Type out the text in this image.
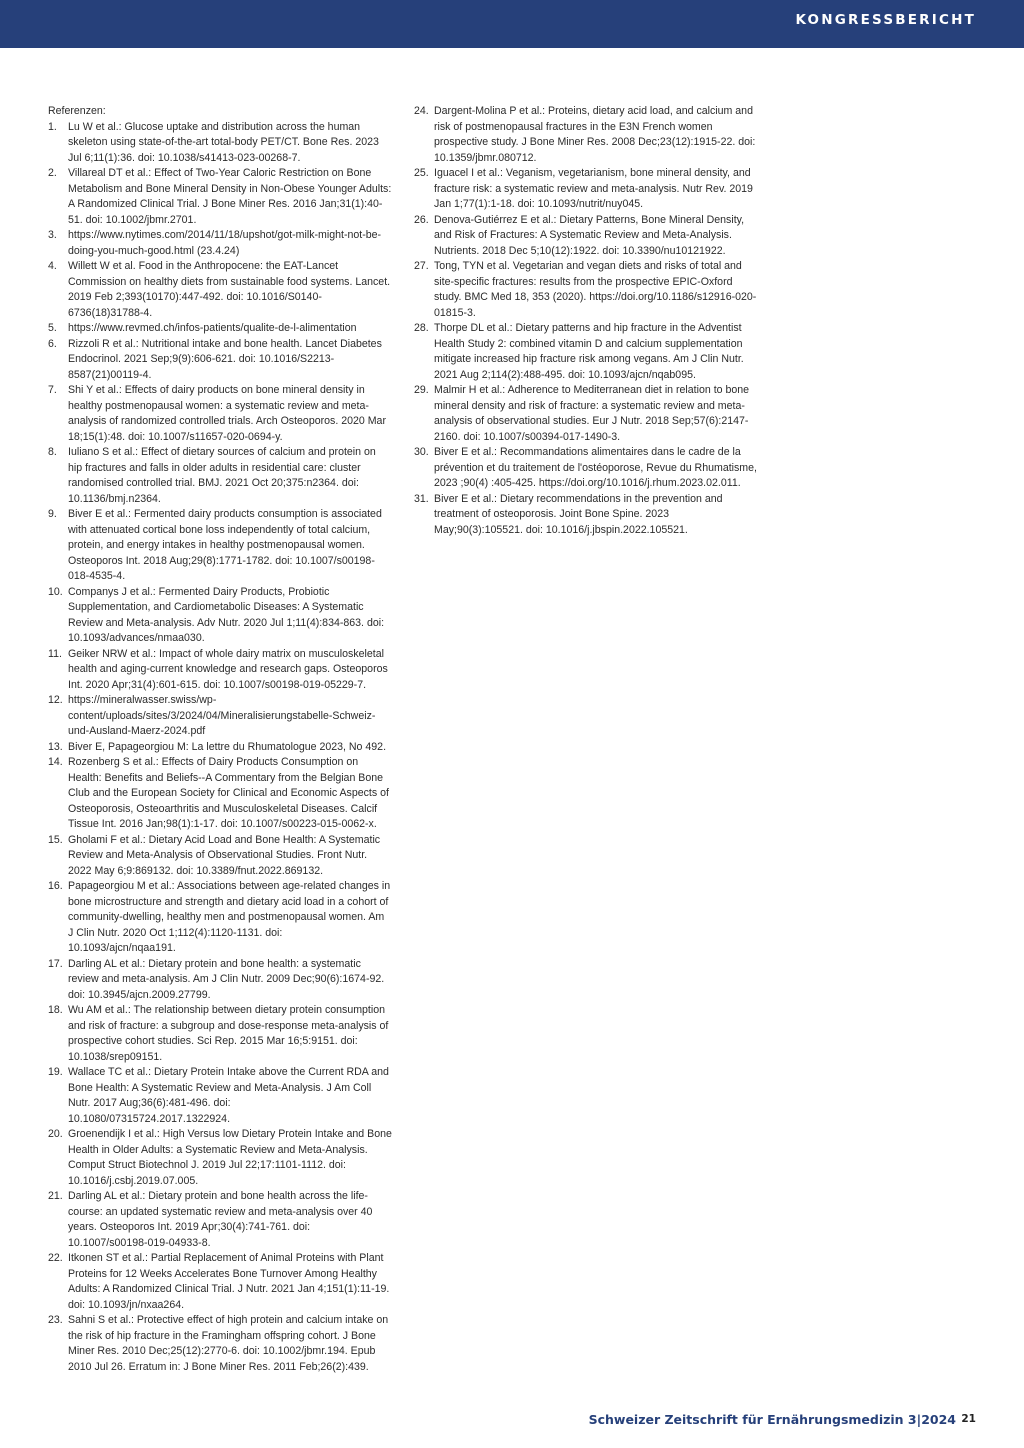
KONGRESSBERICHT
Referenzen:
1. Lu W et al.: Glucose uptake and distribution across the human skeleton using state-of-the-art total-body PET/CT. Bone Res. 2023 Jul 6;11(1):36. doi: 10.1038/s41413-023-00268-7.
2. Villareal DT et al.: Effect of Two-Year Caloric Restriction on Bone Metabolism and Bone Mineral Density in Non-Obese Younger Adults: A Randomized Clinical Trial. J Bone Miner Res. 2016 Jan;31(1):40-51. doi: 10.1002/jbmr.2701.
3. https://www.nytimes.com/2014/11/18/upshot/got-milk-might-not-be-doing-you-much-good.html (23.4.24)
4. Willett W et al. Food in the Anthropocene: the EAT-Lancet Commission on healthy diets from sustainable food systems. Lancet. 2019 Feb 2;393(10170):447-492. doi: 10.1016/S0140-6736(18)31788-4.
5. https://www.revmed.ch/infos-patients/qualite-de-l-alimentation
6. Rizzoli R et al.: Nutritional intake and bone health. Lancet Diabetes Endocrinol. 2021 Sep;9(9):606-621. doi: 10.1016/S2213-8587(21)00119-4.
7. Shi Y et al.: Effects of dairy products on bone mineral density in healthy postmenopausal women: a systematic review and meta-analysis of randomized controlled trials. Arch Osteoporos. 2020 Mar 18;15(1):48. doi: 10.1007/s11657-020-0694-y.
8. Iuliano S et al.: Effect of dietary sources of calcium and protein on hip fractures and falls in older adults in residential care: cluster randomised controlled trial. BMJ. 2021 Oct 20;375:n2364. doi: 10.1136/bmj.n2364.
9. Biver E et al.: Fermented dairy products consumption is associated with attenuated cortical bone loss independently of total calcium, protein, and energy intakes in healthy postmenopausal women. Osteoporos Int. 2018 Aug;29(8):1771-1782. doi: 10.1007/s00198-018-4535-4.
10. Companys J et al.: Fermented Dairy Products, Probiotic Supplementation, and Cardiometabolic Diseases: A Systematic Review and Meta-analysis. Adv Nutr. 2020 Jul 1;11(4):834-863. doi: 10.1093/advances/nmaa030.
11. Geiker NRW et al.: Impact of whole dairy matrix on musculoskeletal health and aging-current knowledge and research gaps. Osteoporos Int. 2020 Apr;31(4):601-615. doi: 10.1007/s00198-019-05229-7.
12. https://mineralwasser.swiss/wp-content/uploads/sites/3/2024/04/Mineralisierungstabelle-Schweiz-und-Ausland-Maerz-2024.pdf
13. Biver E, Papageorgiou M: La lettre du Rhumatologue 2023, No 492.
14. Rozenberg S et al.: Effects of Dairy Products Consumption on Health: Benefits and Beliefs--A Commentary from the Belgian Bone Club and the European Society for Clinical and Economic Aspects of Osteoporosis, Osteoarthritis and Musculoskeletal Diseases. Calcif Tissue Int. 2016 Jan;98(1):1-17. doi: 10.1007/s00223-015-0062-x.
15. Gholami F et al.: Dietary Acid Load and Bone Health: A Systematic Review and Meta-Analysis of Observational Studies. Front Nutr. 2022 May 6;9:869132. doi: 10.3389/fnut.2022.869132.
16. Papageorgiou M et al.: Associations between age-related changes in bone microstructure and strength and dietary acid load in a cohort of community-dwelling, healthy men and postmenopausal women. Am J Clin Nutr. 2020 Oct 1;112(4):1120-1131. doi: 10.1093/ajcn/nqaa191.
17. Darling AL et al.: Dietary protein and bone health: a systematic review and meta-analysis. Am J Clin Nutr. 2009 Dec;90(6):1674-92. doi: 10.3945/ajcn.2009.27799.
18. Wu AM et al.: The relationship between dietary protein consumption and risk of fracture: a subgroup and dose-response meta-analysis of prospective cohort studies. Sci Rep. 2015 Mar 16;5:9151. doi: 10.1038/srep09151.
19. Wallace TC et al.: Dietary Protein Intake above the Current RDA and Bone Health: A Systematic Review and Meta-Analysis. J Am Coll Nutr. 2017 Aug;36(6):481-496. doi: 10.1080/07315724.2017.1322924.
20. Groenendijk I et al.: High Versus low Dietary Protein Intake and Bone Health in Older Adults: a Systematic Review and Meta-Analysis. Comput Struct Biotechnol J. 2019 Jul 22;17:1101-1112. doi: 10.1016/j.csbj.2019.07.005.
21. Darling AL et al.: Dietary protein and bone health across the life-course: an updated systematic review and meta-analysis over 40 years. Osteoporos Int. 2019 Apr;30(4):741-761. doi: 10.1007/s00198-019-04933-8.
22. Itkonen ST et al.: Partial Replacement of Animal Proteins with Plant Proteins for 12 Weeks Accelerates Bone Turnover Among Healthy Adults: A Randomized Clinical Trial. J Nutr. 2021 Jan 4;151(1):11-19. doi: 10.1093/jn/nxaa264.
23. Sahni S et al.: Protective effect of high protein and calcium intake on the risk of hip fracture in the Framingham offspring cohort. J Bone Miner Res. 2010 Dec;25(12):2770-6. doi: 10.1002/jbmr.194. Epub 2010 Jul 26. Erratum in: J Bone Miner Res. 2011 Feb;26(2):439.
24. Dargent-Molina P et al.: Proteins, dietary acid load, and calcium and risk of postmenopausal fractures in the E3N French women prospective study. J Bone Miner Res. 2008 Dec;23(12):1915-22. doi: 10.1359/jbmr.080712.
25. Iguacel I et al.: Veganism, vegetarianism, bone mineral density, and fracture risk: a systematic review and meta-analysis. Nutr Rev. 2019 Jan 1;77(1):1-18. doi: 10.1093/nutrit/nuy045.
26. Denova-Gutiérrez E et al.: Dietary Patterns, Bone Mineral Density, and Risk of Fractures: A Systematic Review and Meta-Analysis. Nutrients. 2018 Dec 5;10(12):1922. doi: 10.3390/nu10121922.
27. Tong, TYN et al. Vegetarian and vegan diets and risks of total and site-specific fractures: results from the prospective EPIC-Oxford study. BMC Med 18, 353 (2020). https://doi.org/10.1186/s12916-020-01815-3.
28. Thorpe DL et al.: Dietary patterns and hip fracture in the Adventist Health Study 2: combined vitamin D and calcium supplementation mitigate increased hip fracture risk among vegans. Am J Clin Nutr. 2021 Aug 2;114(2):488-495. doi: 10.1093/ajcn/nqab095.
29. Malmir H et al.: Adherence to Mediterranean diet in relation to bone mineral density and risk of fracture: a systematic review and meta-analysis of observational studies. Eur J Nutr. 2018 Sep;57(6):2147-2160. doi: 10.1007/s00394-017-1490-3.
30. Biver E et al.: Recommandations alimentaires dans le cadre de la prévention et du traitement de l'ostéoporose, Revue du Rhumatisme, 2023 ;90(4) :405-425. https://doi.org/10.1016/j.rhum.2023.02.011.
31. Biver E et al.: Dietary recommendations in the prevention and treatment of osteoporosis. Joint Bone Spine. 2023 May;90(3):105521. doi: 10.1016/j.jbspin.2022.105521.
Schweizer Zeitschrift für Ernährungsmedizin 3|2024 21
